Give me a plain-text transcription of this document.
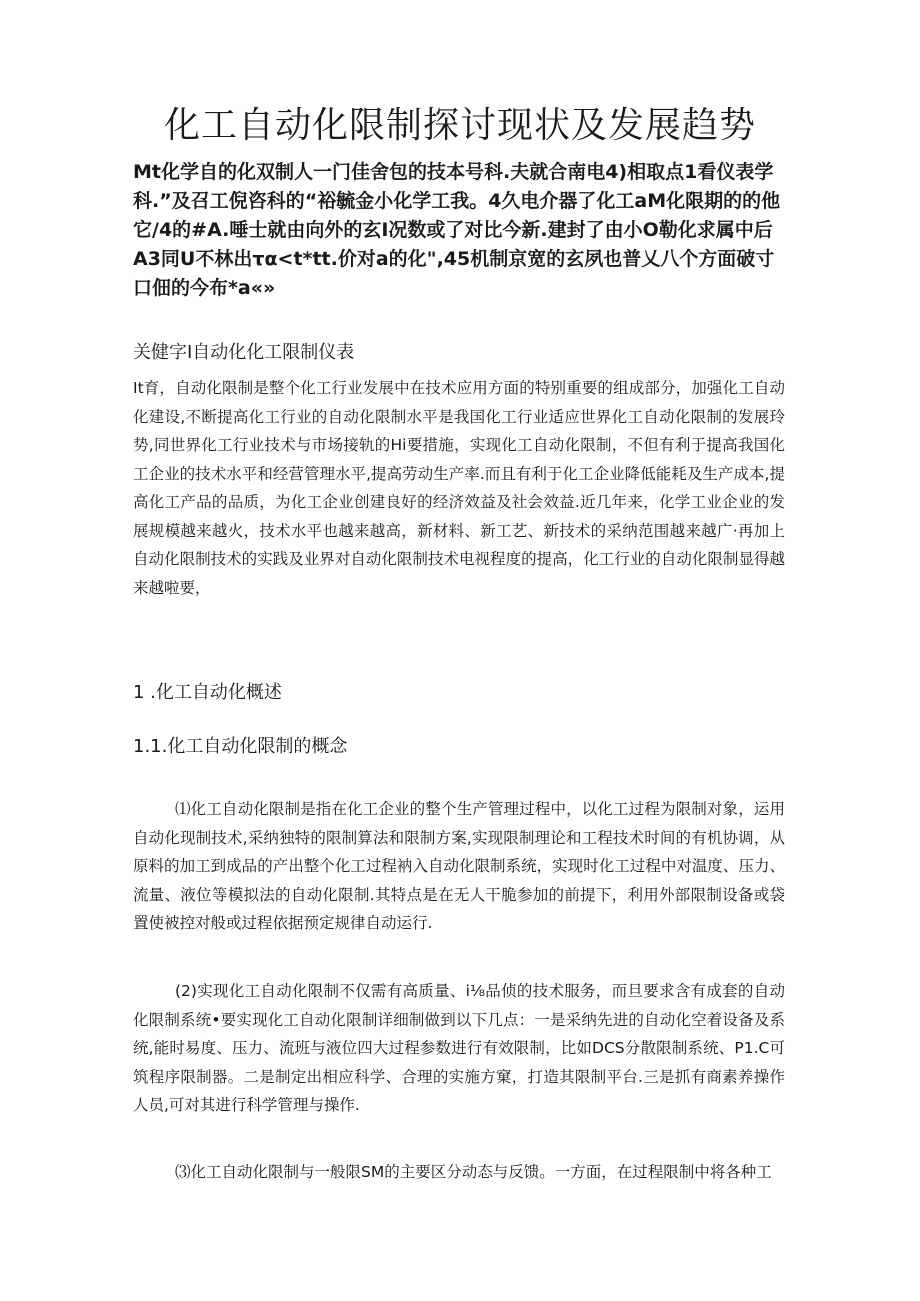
化工自动化限制探讨现状及发展趋势

Mt化学自的化双制人一门佳舍包的技本号科.夫就合南电4)相取点1看仪表学科.”及召工倪咨科的“裕毓金小化学工我。4久电介器了化工aM化限期的的他它/4的#A.唾士就由向外的玄I况数或了对比今新.建封了由小O勒化求属中后A3同U不林出τα<t*tt.价对a的化",45机制京宽的玄夙也普乂八个方面破寸口佃的今布*a«»

关健字I自动化化工限制仪表

It育，自动化限制是整个化工行业发展中在技术应用方面的特别重要的组成部分，加强化工自动化建设,不断提高化工行业的自动化限制水平是我国化工行业适应世界化工自动化限制的发展玲势,同世界化工行业技术与市场接轨的Hi要措施，实现化工自动化限制，不但有利于提高我国化工企业的技术水平和经营管理水平,提高劳动生产率.而且有利于化工企业降低能耗及生产成本,提高化工产品的品质，为化工企业创建良好的经济效益及社会效益.近几年来，化学工业企业的发展规模越来越火，技术水平也越来越高，新材料、新工艺、新技术的采纳范围越来越广·再加上自动化限制技术的实践及业界对自动化限制技术电视程度的提高，化工行业的自动化限制显得越来越啦要，

1 .化工自动化概述
1.1.化工自动化限制的概念

⑴化工自动化限制是指在化工企业的整个生产管理过程中，以化工过程为限制对象，运用自动化现制技术,采纳独特的限制算法和限制方案,实现限制理论和工程技术时间的有机协调，从原料的加工到成品的产出整个化工过程衲入自动化限制系统，实现时化工过程中对温度、压力、流量、液位等模拟法的自动化限制.其特点是在无人干脆参加的前提下，利用外部限制设备或袋置使被控对般或过程依据预定规律自动运行.

(2)实现化工自动化限制不仅需有高质量、i⅛品侦的技术服务，而旦要求含有成套的自动化限制系统•要实现化工自动化限制详细制做到以下几点：一是采纳先进的自动化空着设备及系统,能时易度、压力、流班与液位四大过程参数进行有效限制，比如DCS分散限制系统、P1.C可筑程序限制器。二是制定出相应科学、合理的实施方窠，打造其限制平台.三是抓有商素养操作人员,可对其进行科学管理与操作.

⑶化工自动化限制与一般限SM的主要区分动态与反馈。一方面，在过程限制中将各种工
